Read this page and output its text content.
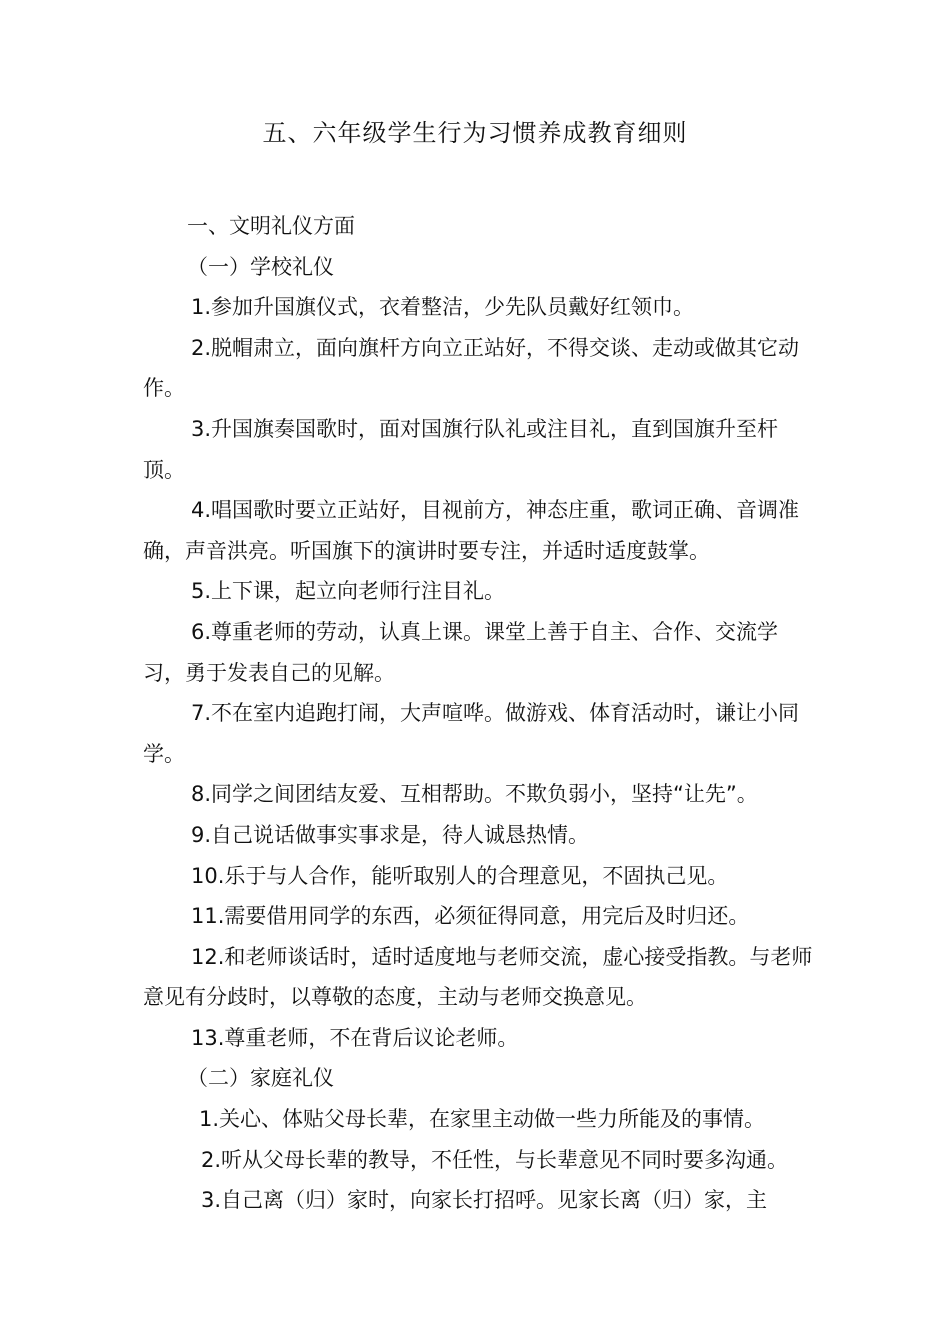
五、六年级学生行为习惯养成教育细则

一、文明礼仪方面

（一）学校礼仪

1.参加升国旗仪式，衣着整洁，少先队员戴好红领巾。

2.脱帽肃立，面向旗杆方向立正站好，不得交谈、走动或做其它动作。

3.升国旗奏国歌时，面对国旗行队礼或注目礼，直到国旗升至杆顶。

4.唱国歌时要立正站好，目视前方，神态庄重，歌词正确、音调准确，声音洪亮。听国旗下的演讲时要专注，并适时适度鼓掌。

5.上下课，起立向老师行注目礼。

6.尊重老师的劳动，认真上课。课堂上善于自主、合作、交流学习，勇于发表自己的见解。

7.不在室内追跑打闹，大声喧哗。做游戏、体育活动时，谦让小同学。

8.同学之间团结友爱、互相帮助。不欺负弱小，坚持“让先”。

9.自己说话做事实事求是，待人诚恳热情。

10.乐于与人合作，能听取别人的合理意见，不固执己见。

11.需要借用同学的东西，必须征得同意，用完后及时归还。

12.和老师谈话时，适时适度地与老师交流，虚心接受指教。与老师意见有分歧时，以尊敬的态度，主动与老师交换意见。

13.尊重老师，不在背后议论老师。

（二）家庭礼仪

1.关心、体贴父母长辈，在家里主动做一些力所能及的事情。

2.听从父母长辈的教导，不任性，与长辈意见不同时要多沟通。

3.自己离（归）家时，向家长打招呼。见家长离（归）家，主
